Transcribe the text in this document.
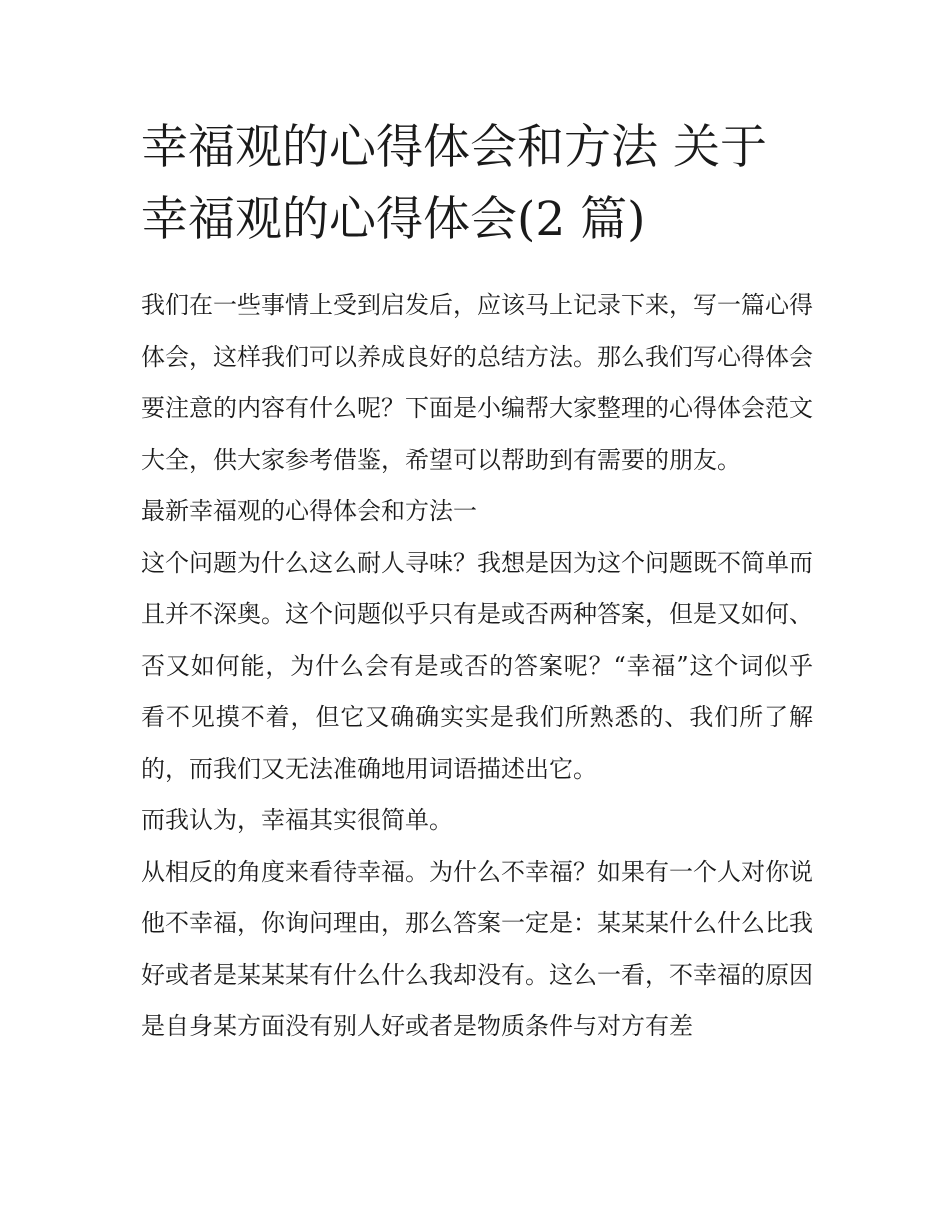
幸福观的心得体会和方法 关于幸福观的心得体会(2 篇)

我们在一些事情上受到启发后，应该马上记录下来，写一篇心得体会，这样我们可以养成良好的总结方法。那么我们写心得体会要注意的内容有什么呢？下面是小编帮大家整理的心得体会范文大全，供大家参考借鉴，希望可以帮助到有需要的朋友。

最新幸福观的心得体会和方法一

这个问题为什么这么耐人寻味？我想是因为这个问题既不简单而且并不深奥。这个问题似乎只有是或否两种答案，但是又如何、否又如何能，为什么会有是或否的答案呢？“幸福”这个词似乎看不见摸不着，但它又确确实实是我们所熟悉的、我们所了解的，而我们又无法准确地用词语描述出它。

而我认为，幸福其实很简单。

从相反的角度来看待幸福。为什么不幸福？如果有一个人对你说他不幸福，你询问理由，那么答案一定是：某某某什么什么比我好或者是某某某有什么什么我却没有。这么一看，不幸福的原因是自身某方面没有别人好或者是物质条件与对方有差
